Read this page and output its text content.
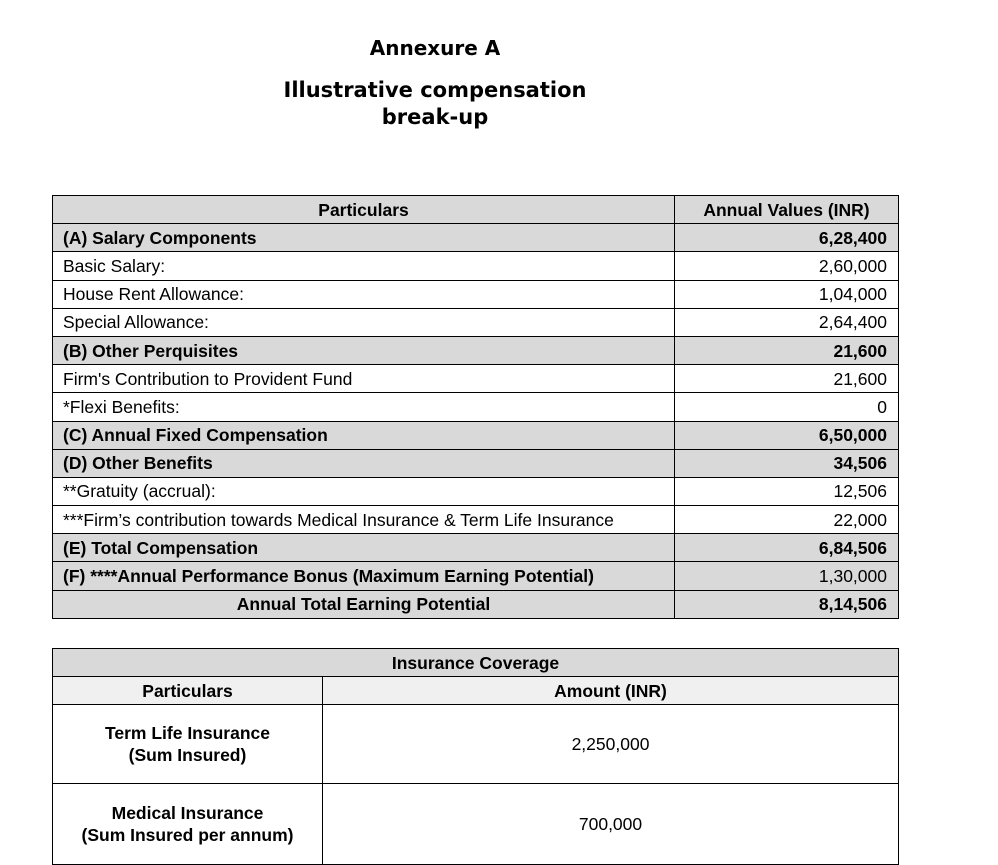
Annexure A
Illustrative compensation
break-up
Particulars	Annual Values (INR)
(A) Salary Components	6,28,400
Basic Salary:	2,60,000
House Rent Allowance:	1,04,000
Special Allowance:	2,64,400
(B) Other Perquisites	21,600
Firm's Contribution to Provident Fund	21,600
*Flexi Benefits:	0
(C) Annual Fixed Compensation	6,50,000
(D) Other Benefits	34,506
**Gratuity (accrual):	12,506
***Firm’s contribution towards Medical Insurance & Term Life Insurance	22,000
(E) Total Compensation	6,84,506
(F) ****Annual Performance Bonus (Maximum Earning Potential)	1,30,000
Annual Total Earning Potential	8,14,506
Insurance Coverage	
Particulars	Amount (INR)

Term Life Insurance
(Sum Insured)	2,250,000

Medical Insurance
(Sum Insured per annum)	700,000
